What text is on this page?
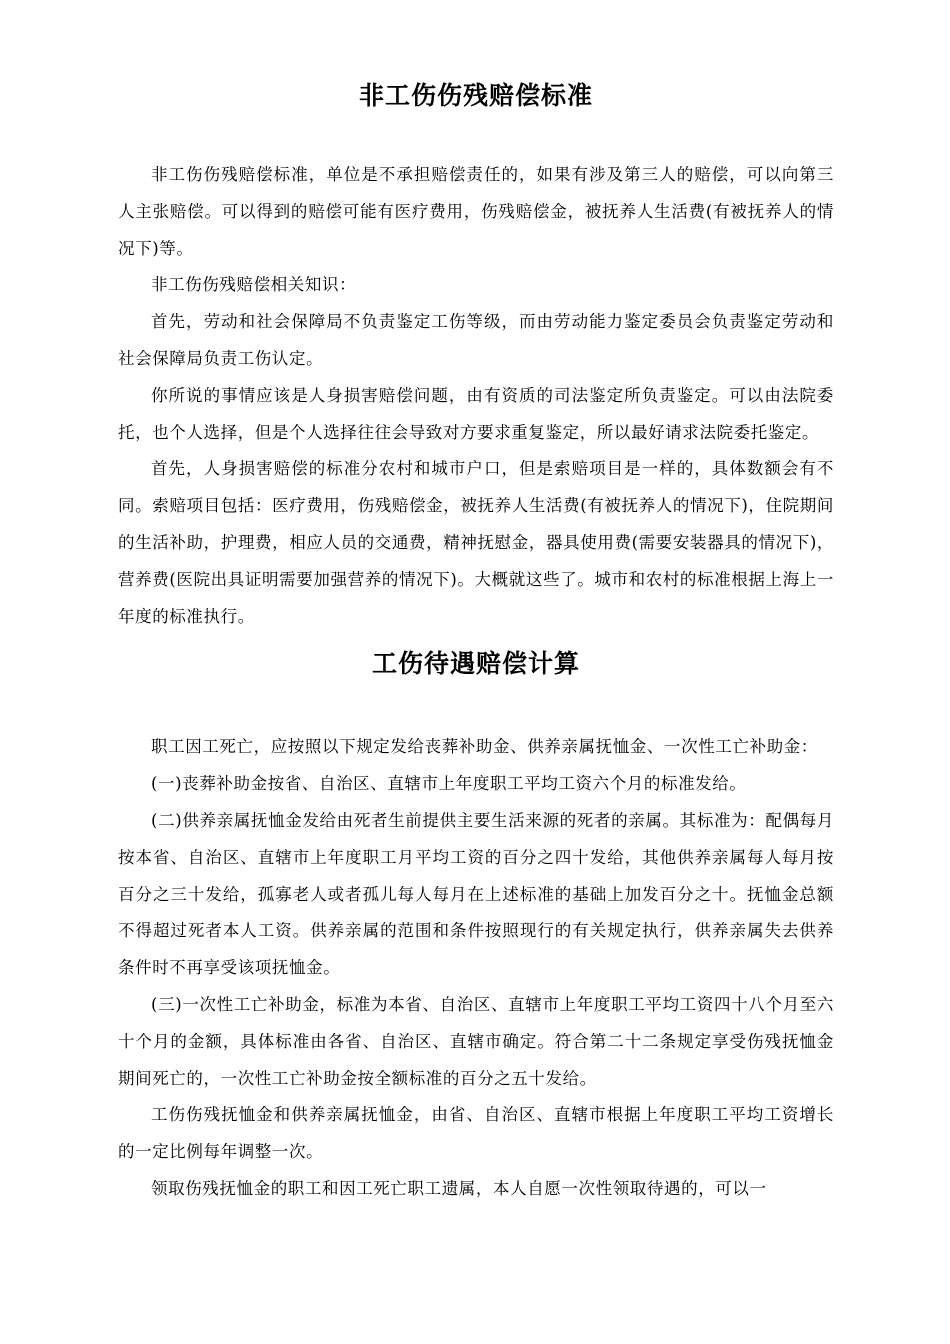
非工伤伤残赔偿标准

非工伤伤残赔偿标准，单位是不承担赔偿责任的，如果有涉及第三人的赔偿，可以向第三人主张赔偿。可以得到的赔偿可能有医疗费用，伤残赔偿金，被抚养人生活费(有被抚养人的情况下)等。

非工伤伤残赔偿相关知识：

首先，劳动和社会保障局不负责鉴定工伤等级，而由劳动能力鉴定委员会负责鉴定劳动和社会保障局负责工伤认定。

你所说的事情应该是人身损害赔偿问题，由有资质的司法鉴定所负责鉴定。可以由法院委托，也个人选择，但是个人选择往往会导致对方要求重复鉴定，所以最好请求法院委托鉴定。

首先，人身损害赔偿的标准分农村和城市户口，但是索赔项目是一样的，具体数额会有不同。索赔项目包括：医疗费用，伤残赔偿金，被抚养人生活费(有被抚养人的情况下)，住院期间的生活补助，护理费，相应人员的交通费，精神抚慰金，器具使用费(需要安装器具的情况下)，营养费(医院出具证明需要加强营养的情况下)。大概就这些了。城市和农村的标准根据上海上一年度的标准执行。

工伤待遇赔偿计算

职工因工死亡，应按照以下规定发给丧葬补助金、供养亲属抚恤金、一次性工亡补助金：

(一)丧葬补助金按省、自治区、直辖市上年度职工平均工资六个月的标准发给。

(二)供养亲属抚恤金发给由死者生前提供主要生活来源的死者的亲属。其标准为：配偶每月按本省、自治区、直辖市上年度职工月平均工资的百分之四十发给，其他供养亲属每人每月按百分之三十发给，孤寡老人或者孤儿每人每月在上述标准的基础上加发百分之十。抚恤金总额不得超过死者本人工资。供养亲属的范围和条件按照现行的有关规定执行，供养亲属失去供养条件时不再享受该项抚恤金。

(三)一次性工亡补助金，标准为本省、自治区、直辖市上年度职工平均工资四十八个月至六十个月的金额，具体标准由各省、自治区、直辖市确定。符合第二十二条规定享受伤残抚恤金期间死亡的，一次性工亡补助金按全额标准的百分之五十发给。

工伤伤残抚恤金和供养亲属抚恤金，由省、自治区、直辖市根据上年度职工平均工资增长的一定比例每年调整一次。

领取伤残抚恤金的职工和因工死亡职工遗属，本人自愿一次性领取待遇的，可以一
